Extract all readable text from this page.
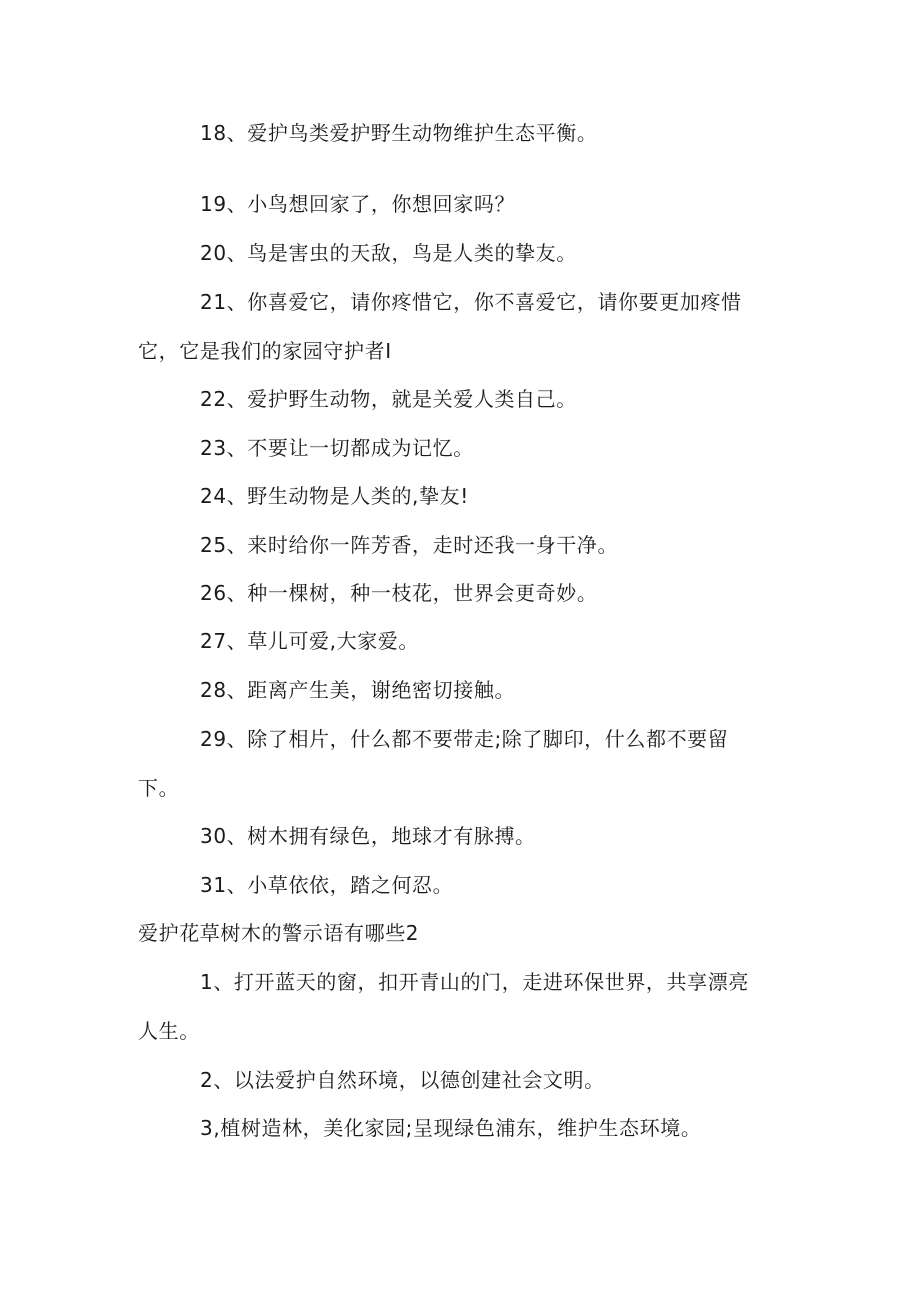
18、爱护鸟类爱护野生动物维护生态平衡。
19、小鸟想回家了，你想回家吗？
20、鸟是害虫的天敌，鸟是人类的挚友。
21、你喜爱它，请你疼惜它，你不喜爱它，请你要更加疼惜
它，它是我们的家园守护者I
22、爱护野生动物，就是关爱人类自己。
23、不要让一切都成为记忆。
24、野生动物是人类的,挚友!
25、来时给你一阵芳香，走时还我一身干净。
26、种一棵树，种一枝花，世界会更奇妙。
27、草儿可爱,大家爱。
28、距离产生美，谢绝密切接触。
29、除了相片，什么都不要带走;除了脚印，什么都不要留
下。
30、树木拥有绿色，地球才有脉搏。
31、小草依依，踏之何忍。
爱护花草树木的警示语有哪些2
1、打开蓝天的窗，扣开青山的门，走进环保世界，共享漂亮
人生。
2、以法爱护自然环境，以德创建社会文明。
3,植树造林，美化家园;呈现绿色浦东，维护生态环境。
